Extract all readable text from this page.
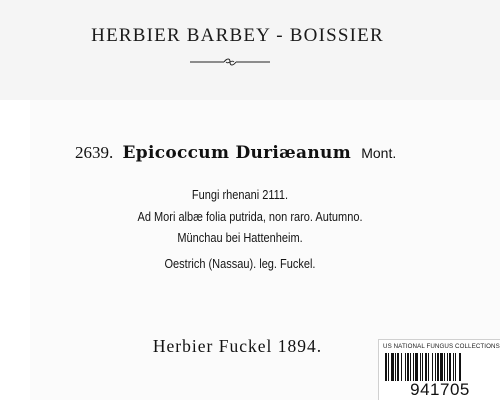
HERBIER BARBEY - BOISSIER
2639. Epicoccum Duriæanum Mont.
Fungi rhenani 2111.
Ad Mori albæ folia putrida, non raro. Autumno.
Münchau bei Hattenheim.
Oestrich (Nassau). leg. Fuckel.
Herbier Fuckel 1894.	US NATIONAL FUNGUS COLLECTIONS
941705
